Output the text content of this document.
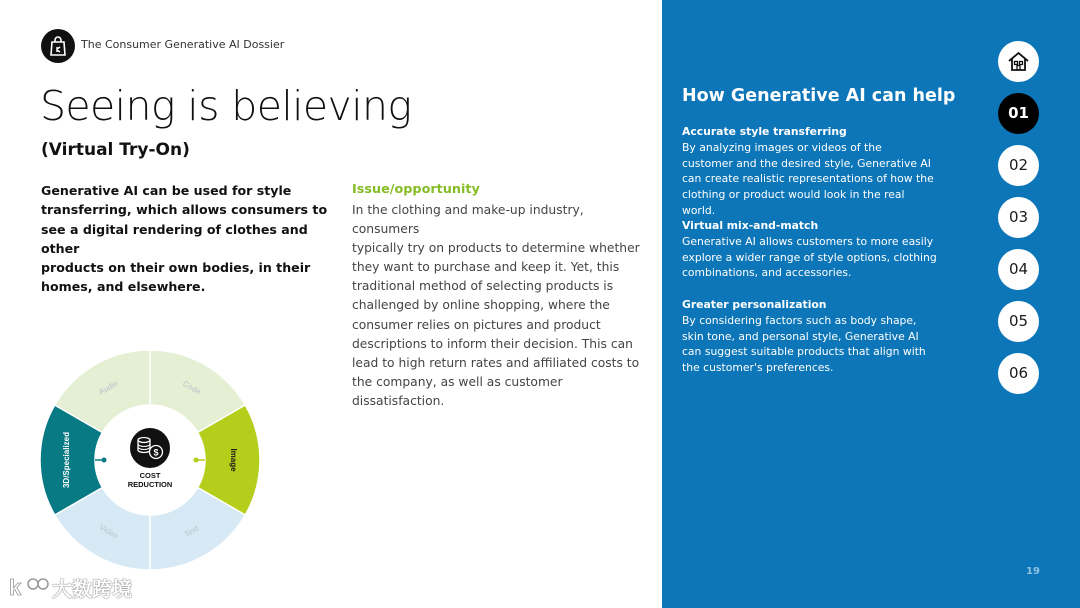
The Consumer Generative AI Dossier
Seeing is believing
(Virtual Try-On)
Generative AI can be used for style
transferring, which allows consumers to
see a digital rendering of clothes and other
products on their own bodies, in their
homes, and elsewhere.
Issue/opportunity
In the clothing and make-up industry, consumers
typically try on products to determine whether
they want to purchase and keep it. Yet, this
traditional method of selecting products is
challenged by online shopping, where the
consumer relies on pictures and product
descriptions to inform their decision. This can
lead to high return rates and affiliated costs to
the company, as well as customer dissatisfaction.
Code
Image
Text
Video
3D/Specialized
Audio
$
COST
REDUCTION
k 大数跨境
How Generative AI can help
Accurate style transferring
By analyzing images or videos of the
customer and the desired style, Generative AI
can create realistic representations of how the
clothing or product would look in the real world.
Virtual mix-and-match
Generative AI allows customers to more easily
explore a wider range of style options, clothing
combinations, and accessories.
Greater personalization
By considering factors such as body shape,
skin tone, and personal style, Generative AI
can suggest suitable products that align with
the customer's preferences.
01
02
03
04
05
06
19
